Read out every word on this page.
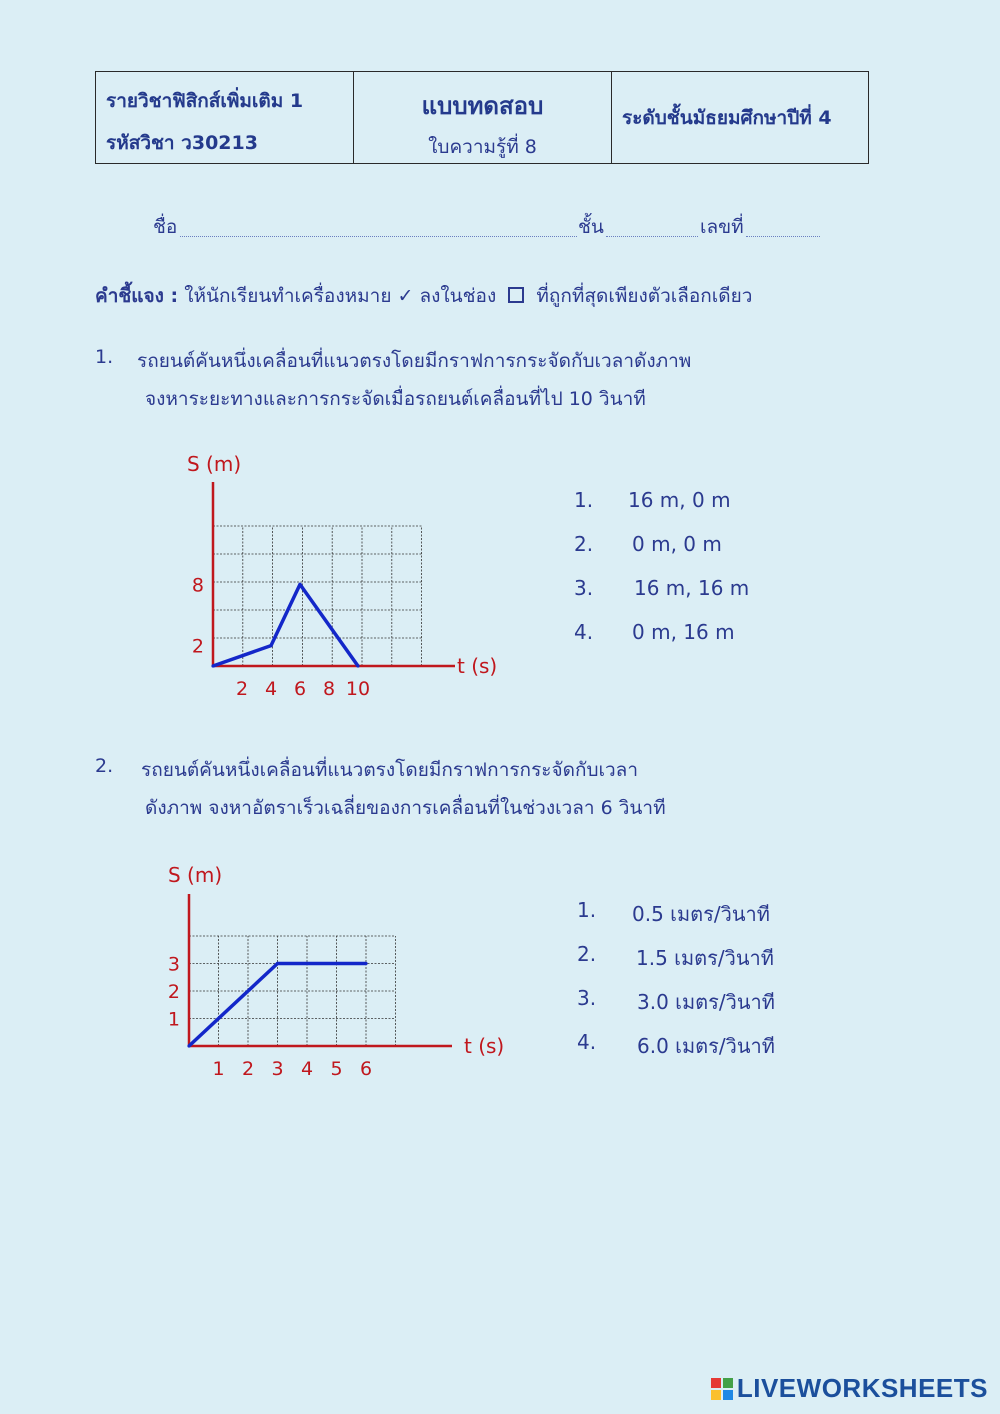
รายวิชาฟิสิกส์เพิ่มเติม 1
รหัสวิชา ว30213
แบบทดสอบ
ใบความรู้ที่ 8
ระดับชั้นมัธยมศึกษาปีที่ 4
ชื่อ	ชั้น	เลขที่
คำชี้แจง : ให้นักเรียนทำเครื่องหมาย ✓ ลงในช่อง ที่ถูกที่สุดเพียงตัวเลือกเดียว
1. รถยนต์คันหนึ่งเคลื่อนที่แนวตรงโดยมีกราฟการกระจัดกับเวลาดังภาพ
จงหาระยะทางและการกระจัดเมื่อรถยนต์เคลื่อนที่ไป 10 วินาที
S (m)
t (s)
2 4 6 8 10
2
8
1. 16 m, 0 m
2. 0 m, 0 m
3. 16 m, 16 m
4. 0 m, 16 m
2. รถยนต์คันหนึ่งเคลื่อนที่แนวตรงโดยมีกราฟการกระจัดกับเวลา
ดังภาพ จงหาอัตราเร็วเฉลี่ยของการเคลื่อนที่ในช่วงเวลา 6 วินาที
S (m)
t (s)
1 2 3 4 5 6
1
2
3
1. 0.5 เมตร/วินาที
2. 1.5 เมตร/วินาที
3. 3.0 เมตร/วินาที
4. 6.0 เมตร/วินาที
LIVEWORKSHEETS
